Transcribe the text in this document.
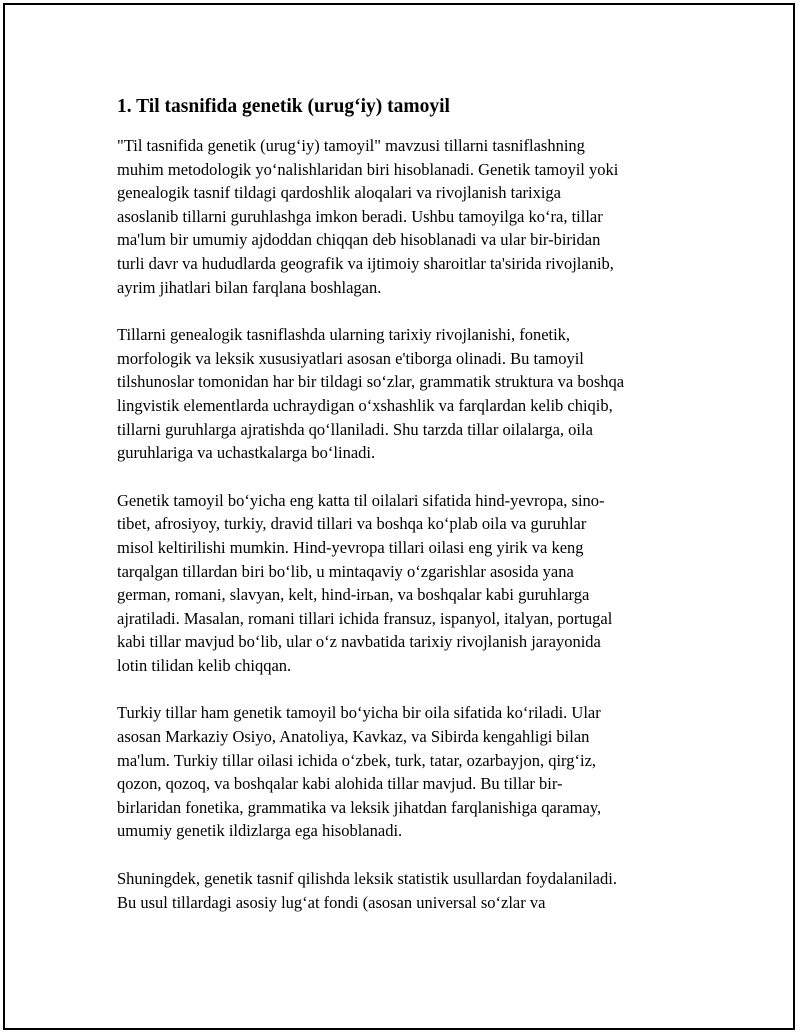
1. Til tasnifida genetik (urug‘iy) tamoyil

"Til tasnifida genetik (urug‘iy) tamoyil" mavzusi tillarni tasniflashning
muhim metodologik yo‘nalishlaridan biri hisoblanadi. Genetik tamoyil yoki
genealogik tasnif tildagi qardoshlik aloqalari va rivojlanish tarixiga
asoslanib tillarni guruhlashga imkon beradi. Ushbu tamoyilga ko‘ra, tillar
ma'lum bir umumiy ajdoddan chiqqan deb hisoblanadi va ular bir-biridan
turli davr va hududlarda geografik va ijtimoiy sharoitlar ta'sirida rivojlanib,
ayrim jihatlari bilan farqlana boshlagan.

Tillarni genealogik tasniflashda ularning tarixiy rivojlanishi, fonetik,
morfologik va leksik xususiyatlari asosan e'tiborga olinadi. Bu tamoyil
tilshunoslar tomonidan har bir tildagi so‘zlar, grammatik struktura va boshqa
lingvistik elementlarda uchraydigan o‘xshashlik va farqlardan kelib chiqib,
tillarni guruhlarga ajratishda qo‘llaniladi. Shu tarzda tillar oilalarga, oila
guruhlariga va uchastkalarga bo‘linadi.

Genetik tamoyil bo‘yicha eng katta til oilalari sifatida hind-yevropa, sino-
tibet, afrosiyoy, turkiy, dravid tillari va boshqa ko‘plab oila va guruhlar
misol keltirilishi mumkin. Hind-yevropa tillari oilasi eng yirik va keng
tarqalgan tillardan biri bo‘lib, u mintaqaviy o‘zgarishlar asosida yana
german, romani, slavyan, kelt, hind-irьan, va boshqalar kabi guruhlarga
ajratiladi. Masalan, romani tillari ichida fransuz, ispanyol, italyan, portugal
kabi tillar mavjud bo‘lib, ular o‘z navbatida tarixiy rivojlanish jarayonida
lotin tilidan kelib chiqqan.

Turkiy tillar ham genetik tamoyil bo‘yicha bir oila sifatida ko‘riladi. Ular
asosan Markaziy Osiyo, Anatoliya, Kavkaz, va Sibirda kengahligi bilan
ma'lum. Turkiy tillar oilasi ichida o‘zbek, turk, tatar, ozarbayjon, qirg‘iz,
qozon, qozoq, va boshqalar kabi alohida tillar mavjud. Bu tillar bir-
birlaridan fonetika, grammatika va leksik jihatdan farqlanishiga qaramay,
umumiy genetik ildizlarga ega hisoblanadi.

Shuningdek, genetik tasnif qilishda leksik statistik usullardan foydalaniladi.
Bu usul tillardagi asosiy lug‘at fondi (asosan universal so‘zlar va
